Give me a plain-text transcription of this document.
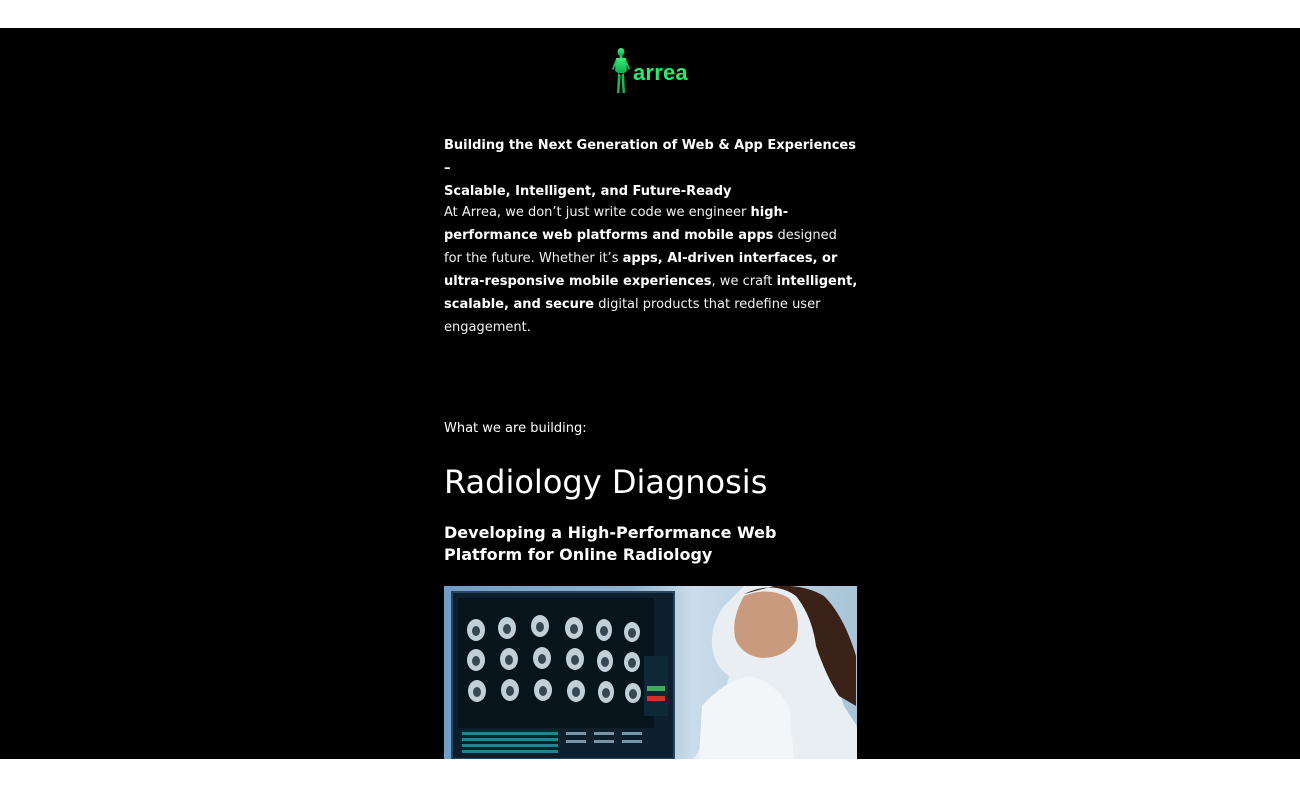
arrea
Building the Next Generation of Web & App Experiences –
Scalable, Intelligent, and Future-Ready
At Arrea, we don’t just write code we engineer high-performance web platforms and mobile apps designed for the future. Whether it’s apps, AI-driven interfaces, or ultra-responsive mobile experiences, we craft intelligent, scalable, and secure digital products that redefine user engagement.
What we are building:
Radiology Diagnosis
Developing a High-Performance Web Platform for Online Radiology
